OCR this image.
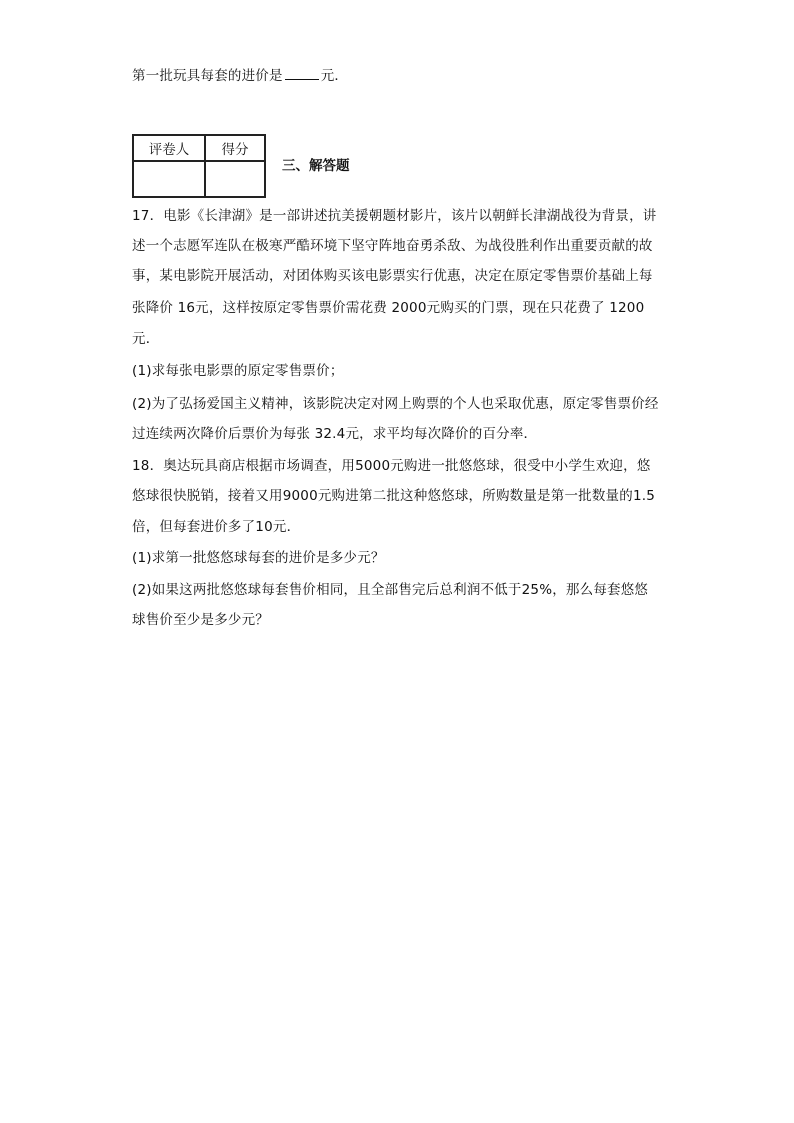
第一批玩具每套的进价是	元．
评卷人	得分

三、解答题
17．电影《长津湖》是一部讲述抗美援朝题材影片，该片以朝鲜长津湖战役为背景，讲
述一个志愿军连队在极寒严酷环境下坚守阵地奋勇杀敌、为战役胜利作出重要贡献的故
事，某电影院开展活动，对团体购买该电影票实行优惠，决定在原定零售票价基础上每
张降价 16元，这样按原定零售票价需花费 2000元购买的门票，现在只花费了 1200
元．
(1)求每张电影票的原定零售票价；
(2)为了弘扬爱国主义精神，该影院决定对网上购票的个人也采取优惠，原定零售票价经
过连续两次降价后票价为每张 32.4元，求平均每次降价的百分率．
18．奥达玩具商店根据市场调查，用5000元购进一批悠悠球，很受中小学生欢迎，悠
悠球很快脱销，接着又用9000元购进第二批这种悠悠球，所购数量是第一批数量的1.5
倍，但每套进价多了10元．
(1)求第一批悠悠球每套的进价是多少元？
(2)如果这两批悠悠球每套售价相同，且全部售完后总利润不低于25%，那么每套悠悠
球售价至少是多少元？
